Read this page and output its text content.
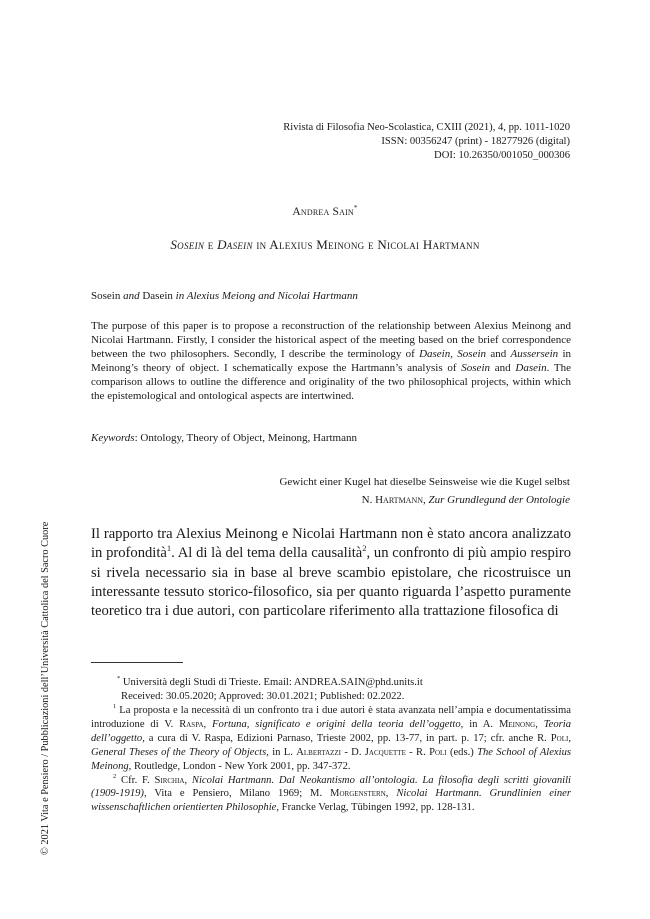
Rivista di Filosofia Neo-Scolastica, CXIII (2021), 4, pp. 1011-1020
ISSN: 00356247 (print) - 18277926 (digital)
DOI: 10.26350/001050_000306
Andrea Sain*
Sosein e Dasein in Alexius Meinong e Nicolai Hartmann
Sosein and Dasein in Alexius Meiong and Nicolai Hartmann
The purpose of this paper is to propose a reconstruction of the relationship between Alexius Meinong and Nicolai Hartmann. Firstly, I consider the historical aspect of the meeting based on the brief correspondence between the two philosophers. Secondly, I describe the terminology of Dasein, Sosein and Aussersein in Meinong’s theory of object. I schematically expose the Hartmann’s analysis of Sosein and Dasein. The comparison allows to outline the difference and originality of the two philosophical projects, within which the epistemological and ontological aspects are intertwined.
Keywords: Ontology, Theory of Object, Meinong, Hartmann
Gewicht einer Kugel hat dieselbe Seinsweise wie die Kugel selbst
N. Hartmann, Zur Grundlegund der Ontologie
Il rapporto tra Alexius Meinong e Nicolai Hartmann non è stato ancora analizzato in profondità$^1$. Al di là del tema della causalità$^2$, un confronto di più ampio respiro si rivela necessario sia in base al breve scambio epistolare, che ricostruisce un interessante tessuto storico-filosofico, sia per quanto riguarda l’aspetto puramente teoretico tra i due autori, con particolare riferimento alla trattazione filosofica di
* Università degli Studi di Trieste. Email: ANDREA.SAIN@phd.units.it
Received: 30.05.2020; Approved: 30.01.2021; Published: 02.2022.

$^1$ La proposta e la necessità di un confronto tra i due autori è stata avanzata nell’ampia e documentatissima introduzione di V. Raspa, Fortuna, significato e origini della teoria dell’oggetto, in A. Meinong, Teoria dell’oggetto, a cura di V. Raspa, Edizioni Parnaso, Trieste 2002, pp. 13-77, in part. p. 17; cfr. anche R. Poli, General Theses of the Theory of Objects, in L. Albertazzi - D. Jacquette - R. Poli (eds.) The School of Alexius Meinong, Routledge, London - New York 2001, pp. 347-372.

$^2$ Cfr. F. Sirchia, Nicolai Hartmann. Dal Neokantismo all’ontologia. La filosofia degli scritti giovanili (1909-1919), Vita e Pensiero, Milano 1969; M. Morgenstern, Nicolai Hartmann. Grundlinien einer wissenschaftlichen orientierten Philosophie, Francke Verlag, Tübingen 1992, pp. 128-131.

© 2021 Vita e Pensiero / Pubblicazioni dell’Università Cattolica del Sacro Cuore
